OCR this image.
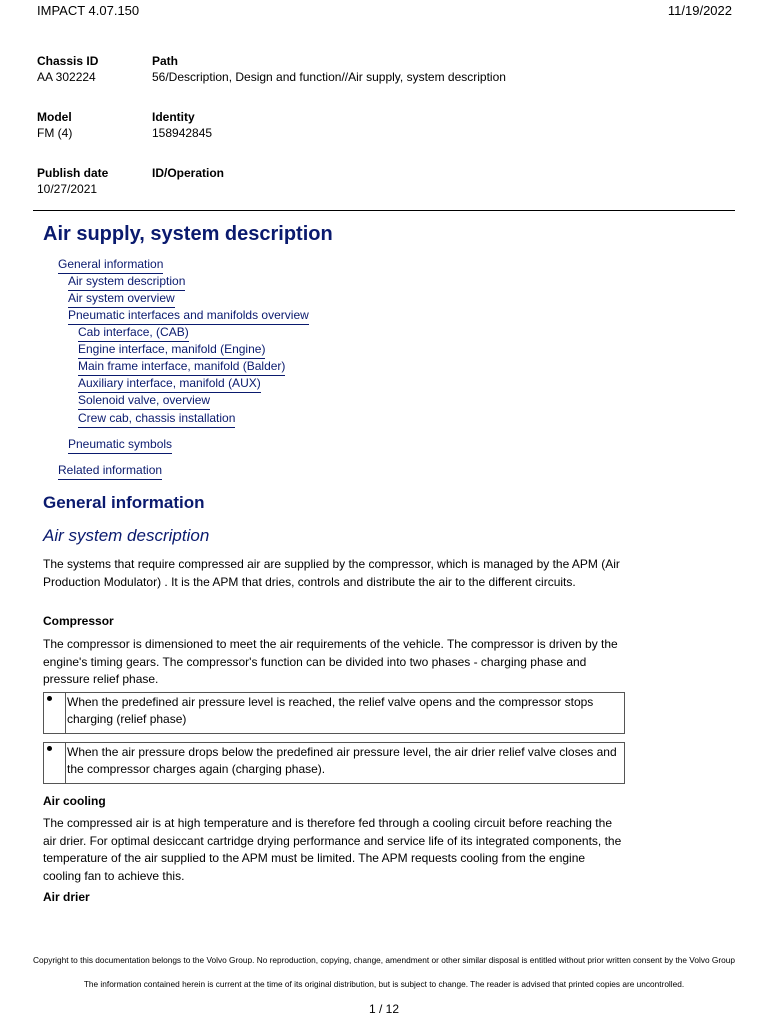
IMPACT 4.07.150	11/19/2022
Chassis ID
AA 302224
Path
56/Description, Design and function//Air supply, system description
Model
FM (4)
Identity
158942845
Publish date
10/27/2021
ID/Operation
Air supply, system description
General information
Air system description
Air system overview
Pneumatic interfaces and manifolds overview
Cab interface, (CAB)
Engine interface, manifold (Engine)
Main frame interface, manifold (Balder)
Auxiliary interface, manifold (AUX)
Solenoid valve, overview
Crew cab, chassis installation
Pneumatic symbols
Related information
General information
Air system description

The systems that require compressed air are supplied by the compressor, which is managed by the APM (Air Production Modulator) . It is the APM that dries, controls and distribute the air to the different circuits.

Compressor

The compressor is dimensioned to meet the air requirements of the vehicle. The compressor is driven by the engine's timing gears. The compressor's function can be divided into two phases - charging phase and pressure relief phase.

When the predefined air pressure level is reached, the relief valve opens and the compressor stops charging (relief phase)
When the air pressure drops below the predefined air pressure level, the air drier relief valve closes and the compressor charges again (charging phase).

Air cooling

The compressed air is at high temperature and is therefore fed through a cooling circuit before reaching the air drier. For optimal desiccant cartridge drying performance and service life of its integrated components, the temperature of the air supplied to the APM must be limited. The APM requests cooling from the engine cooling fan to achieve this.

Air drier

Copyright to this documentation belongs to the Volvo Group. No reproduction, copying, change, amendment or other similar disposal is entitled without prior written consent by the Volvo Group
The information contained herein is current at the time of its original distribution, but is subject to change. The reader is advised that printed copies are uncontrolled.
1 / 12
